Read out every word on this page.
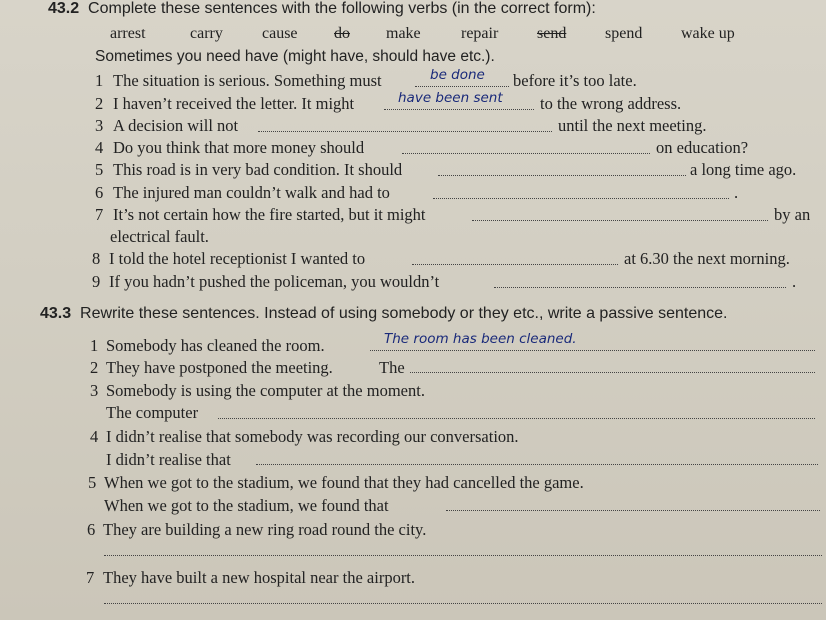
43.2 Complete these sentences with the following verbs (in the correct form):
arrest	carry cause do make	repair send spend wake up
Sometimes you need have (might have, should have etc.).
1 The situation is serious. Something must	be done before it’s too late.
2 I haven’t received the letter. It might	have been sent to the wrong address.
3 A decision will not	until the next meeting.
4 Do you think that more money should	on education?
5 This road is in very bad condition. It should	a long time ago.
6 The injured man couldn’t walk and had to	.
7 It’s not certain how the fire started, but it might	by an
electrical fault.
8 I told the hotel receptionist I wanted to	at 6.30 the next morning.
9 If you hadn’t pushed the policeman, you wouldn’t	.
43.3 Rewrite these sentences. Instead of using somebody or they etc., write a passive sentence.
1 Somebody has cleaned the room.	The room has been cleaned.
2 They have postponed the meeting.	The
3 Somebody is using the computer at the moment.
The computer
4 I didn’t realise that somebody was recording our conversation.
I didn’t realise that
5 When we got to the stadium, we found that they had cancelled the game.
When we got to the stadium, we found that
6 They are building a new ring road round the city.
7 They have built a new hospital near the airport.
